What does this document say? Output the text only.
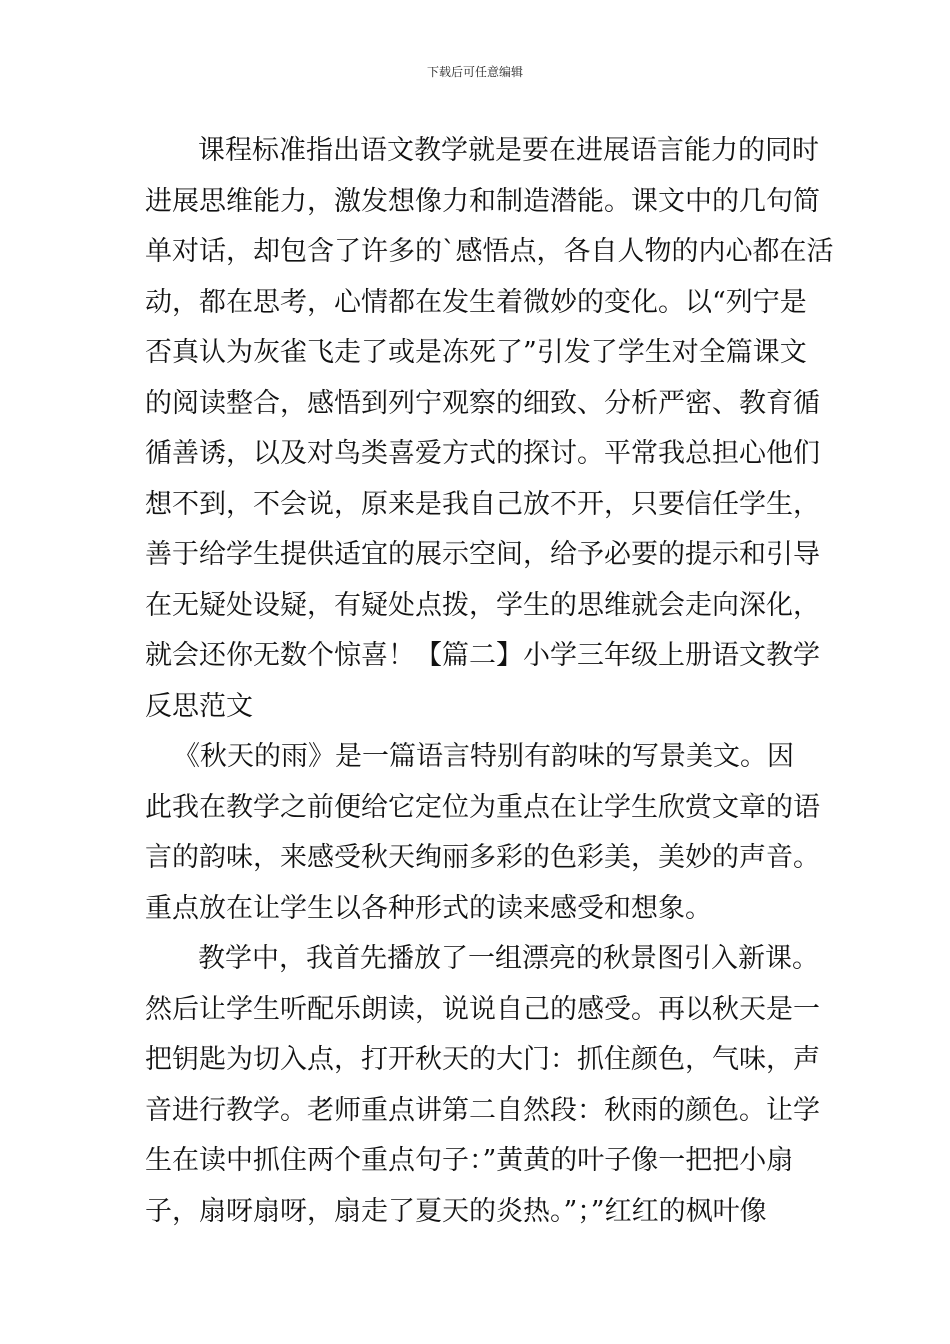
下载后可任意编辑
课程标准指出语文教学就是要在进展语言能力的同时
进展思维能力，激发想像力和制造潜能。课文中的几句简
单对话，却包含了许多的`感悟点，各自人物的内心都在活
动，都在思考，心情都在发生着微妙的变化。以“列宁是
否真认为灰雀飞走了或是冻死了”引发了学生对全篇课文
的阅读整合，感悟到列宁观察的细致、分析严密、教育循
循善诱，以及对鸟类喜爱方式的探讨。平常我总担心他们
想不到，不会说，原来是我自己放不开，只要信任学生，
善于给学生提供适宜的展示空间，给予必要的提示和引导
在无疑处设疑，有疑处点拨，学生的思维就会走向深化，
就会还你无数个惊喜！【篇二】小学三年级上册语文教学
反思范文
《秋天的雨》是一篇语言特别有韵味的写景美文。因
此我在教学之前便给它定位为重点在让学生欣赏文章的语
言的韵味，来感受秋天绚丽多彩的色彩美，美妙的声音。
重点放在让学生以各种形式的读来感受和想象。
教学中，我首先播放了一组漂亮的秋景图引入新课。
然后让学生听配乐朗读，说说自己的感受。再以秋天是一
把钥匙为切入点，打开秋天的大门：抓住颜色，气味，声
音进行教学。老师重点讲第二自然段：秋雨的颜色。让学
生在读中抓住两个重点句子：”黄黄的叶子像一把把小扇
子，扇呀扇呀，扇走了夏天的炎热。”；”红红的枫叶像
